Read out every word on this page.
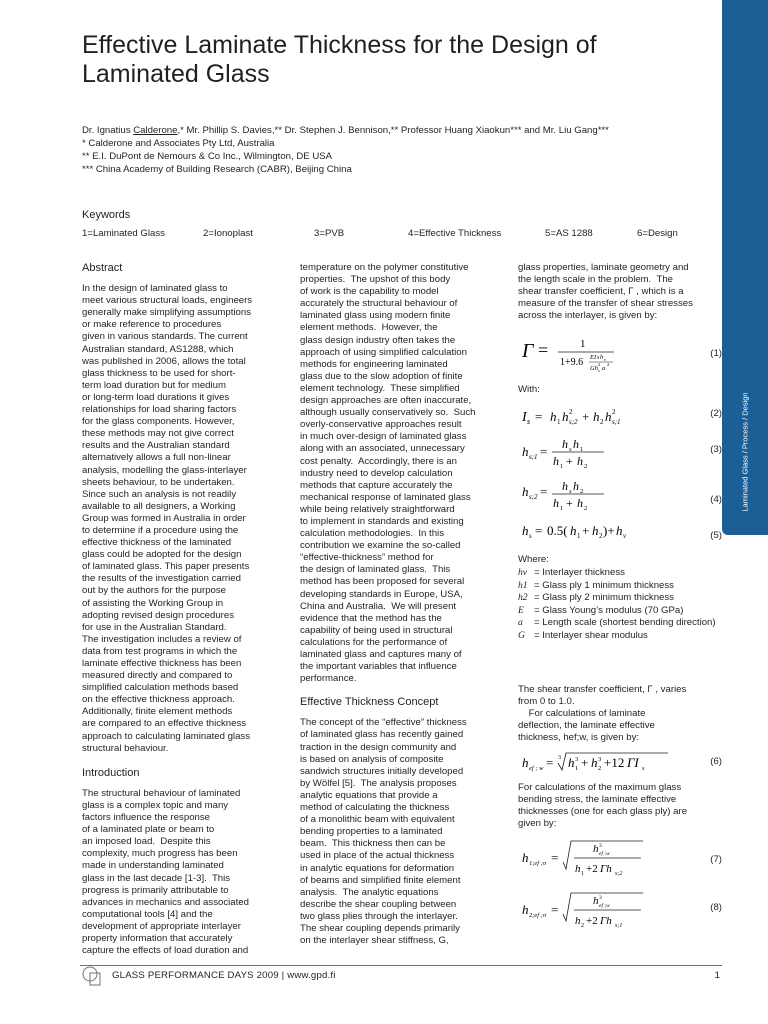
Effective Laminate Thickness for the Design of Laminated Glass
Dr. Ignatius Calderone,* Mr. Phillip S. Davies,** Dr. Stephen J. Bennison,** Professor Huang Xiaokun*** and Mr. Liu Gang***
* Calderone and Associates Pty Ltd, Australia
** E.I. DuPont de Nemours & Co Inc., Wilmington, DE USA
*** China Academy of Building Research (CABR), Beijing China
Keywords
1=Laminated Glass	2=Ionoplast	3=PVB	4=Effective Thickness	5=AS 1288	6=Design
Abstract
In the design of laminated glass to
meet various structural loads, engineers
generally make simplifying assumptions
or make reference to procedures
given in various standards. The current
Australian standard, AS1288, which
was published in 2006, allows the total
glass thickness to be used for short-
term load duration but for medium
or long-term load durations it gives
relationships for load sharing factors
for the glass components. However,
these methods may not give correct
results and the Australian standard
alternatively allows a full non-linear
analysis, modelling the glass-interlayer
sheets behaviour, to be undertaken.
Since such an analysis is not readily
available to all designers, a Working
Group was formed in Australia in order
to determine if a procedure using the
effective thickness of the laminated
glass could be adopted for the design
of laminated glass. This paper presents
the results of the investigation carried
out by the authors for the purpose
of assisting the Working Group in
adopting revised design procedures
for use in the Australian Standard.
The investigation includes a review of
data from test programs in which the
laminate effective thickness has been
measured directly and compared to
simplified calculation methods based
on the effective thickness approach.
Additionally, finite element methods
are compared to an effective thickness
approach to calculating laminated glass
structural behaviour.
Introduction
The structural behaviour of laminated
glass is a complex topic and many
factors influence the response
of a laminated plate or beam to
an imposed load.  Despite this
complexity, much progress has been
made in understanding laminated
glass in the last decade [1-3].  This
progress is primarily attributable to
advances in mechanics and associated
computational tools [4] and the
development of appropriate interlayer
property information that accurately
capture the effects of load duration and
temperature on the polymer constitutive
properties.  The upshot of this body
of work is the capability to model
accurately the structural behaviour of
laminated glass using modern finite
element methods.  However, the
glass design industry often takes the
approach of using simplified calculation
methods for engineering laminated
glass due to the slow adoption of finite
element technology.  These simplified
design approaches are often inaccurate,
although usually conservatively so.  Such
overly-conservative approaches result
in much over-design of laminated glass
along with an associated, unnecessary
cost penalty.  Accordingly, there is an
industry need to develop calculation
methods that capture accurately the
mechanical response of laminated glass
while being relatively straightforward
to implement in standards and existing
calculation methodologies.  In this
contribution we examine the so-called
“effective-thickness” method for
the design of laminated glass.  This
method has been proposed for several
developing standards in Europe, USA,
China and Australia.  We will present
evidence that the method has the
capability of being used in structural
calculations for the performance of
laminated glass and captures many of
the important variables that influence
performance.
Effective Thickness Concept
The concept of the “effective” thickness
of laminated glass has recently gained
traction in the design community and
is based on analysis of composite
sandwich structures initially developed
by Wölfel [5].  The analysis proposes
analytic equations that provide a
method of calculating the thickness
of a monolithic beam with equivalent
bending properties to a laminated
beam.  This thickness then can be
used in place of the actual thickness
in analytic equations for deformation
of beams and simplified finite element
analysis.  The analytic equations
describe the shear coupling between
two glass plies through the interlayer.
The shear coupling depends primarily
on the interlayer shear stiffness, G,
glass properties, laminate geometry and
the length scale in the problem.  The
shear transfer coefficient, Γ , which is a
measure of the transfer of shear stresses
across the interlayer, is given by:
Γ =	1
1+9.6 EI s h v
Gh
2
s a
2
(1)
With:
I s = h 1 h 2
s;2 + h 2 h 2
s;1
(2)
h s;1 = h s h 1
h 1 + h 2
(3)
h s;2 = h s h 2
h 1 + h 2
(4)
h s = 0.5( h 1 + h 2 )+ h v	(5)
Where:
hv = Interlayer thickness
h1 = Glass ply 1 minimum thickness
h2 = Glass ply 2 minimum thickness
E	= Glass Young’s modulus (70 GPa)
a	= Length scale (shortest bending direction)
G = Interlayer shear modulus
The shear transfer coefficient, Γ , varies
from 0 to 1.0.
For calculations of laminate
deflection, the laminate effective
thickness, hef;w, is given by:
h ef ; w = 3 h 3
1 + h 3
2 +12 ΓI s
(6)
For calculations of the maximum glass
bending stress, the laminate effective
thicknesses (one for each glass ply) are
given by:
h 1;ef ;σ =
h 3
ef ;w
h 1 +2 Γh s;2
(7)
h 2;ef ;σ =
h 3
ef ;w
h 2 +2 Γh s;1
(8)
Laminated Glass / Process / Design
GLASS PERFORMANCE DAYS 2009 | www.gpd.fi	1
